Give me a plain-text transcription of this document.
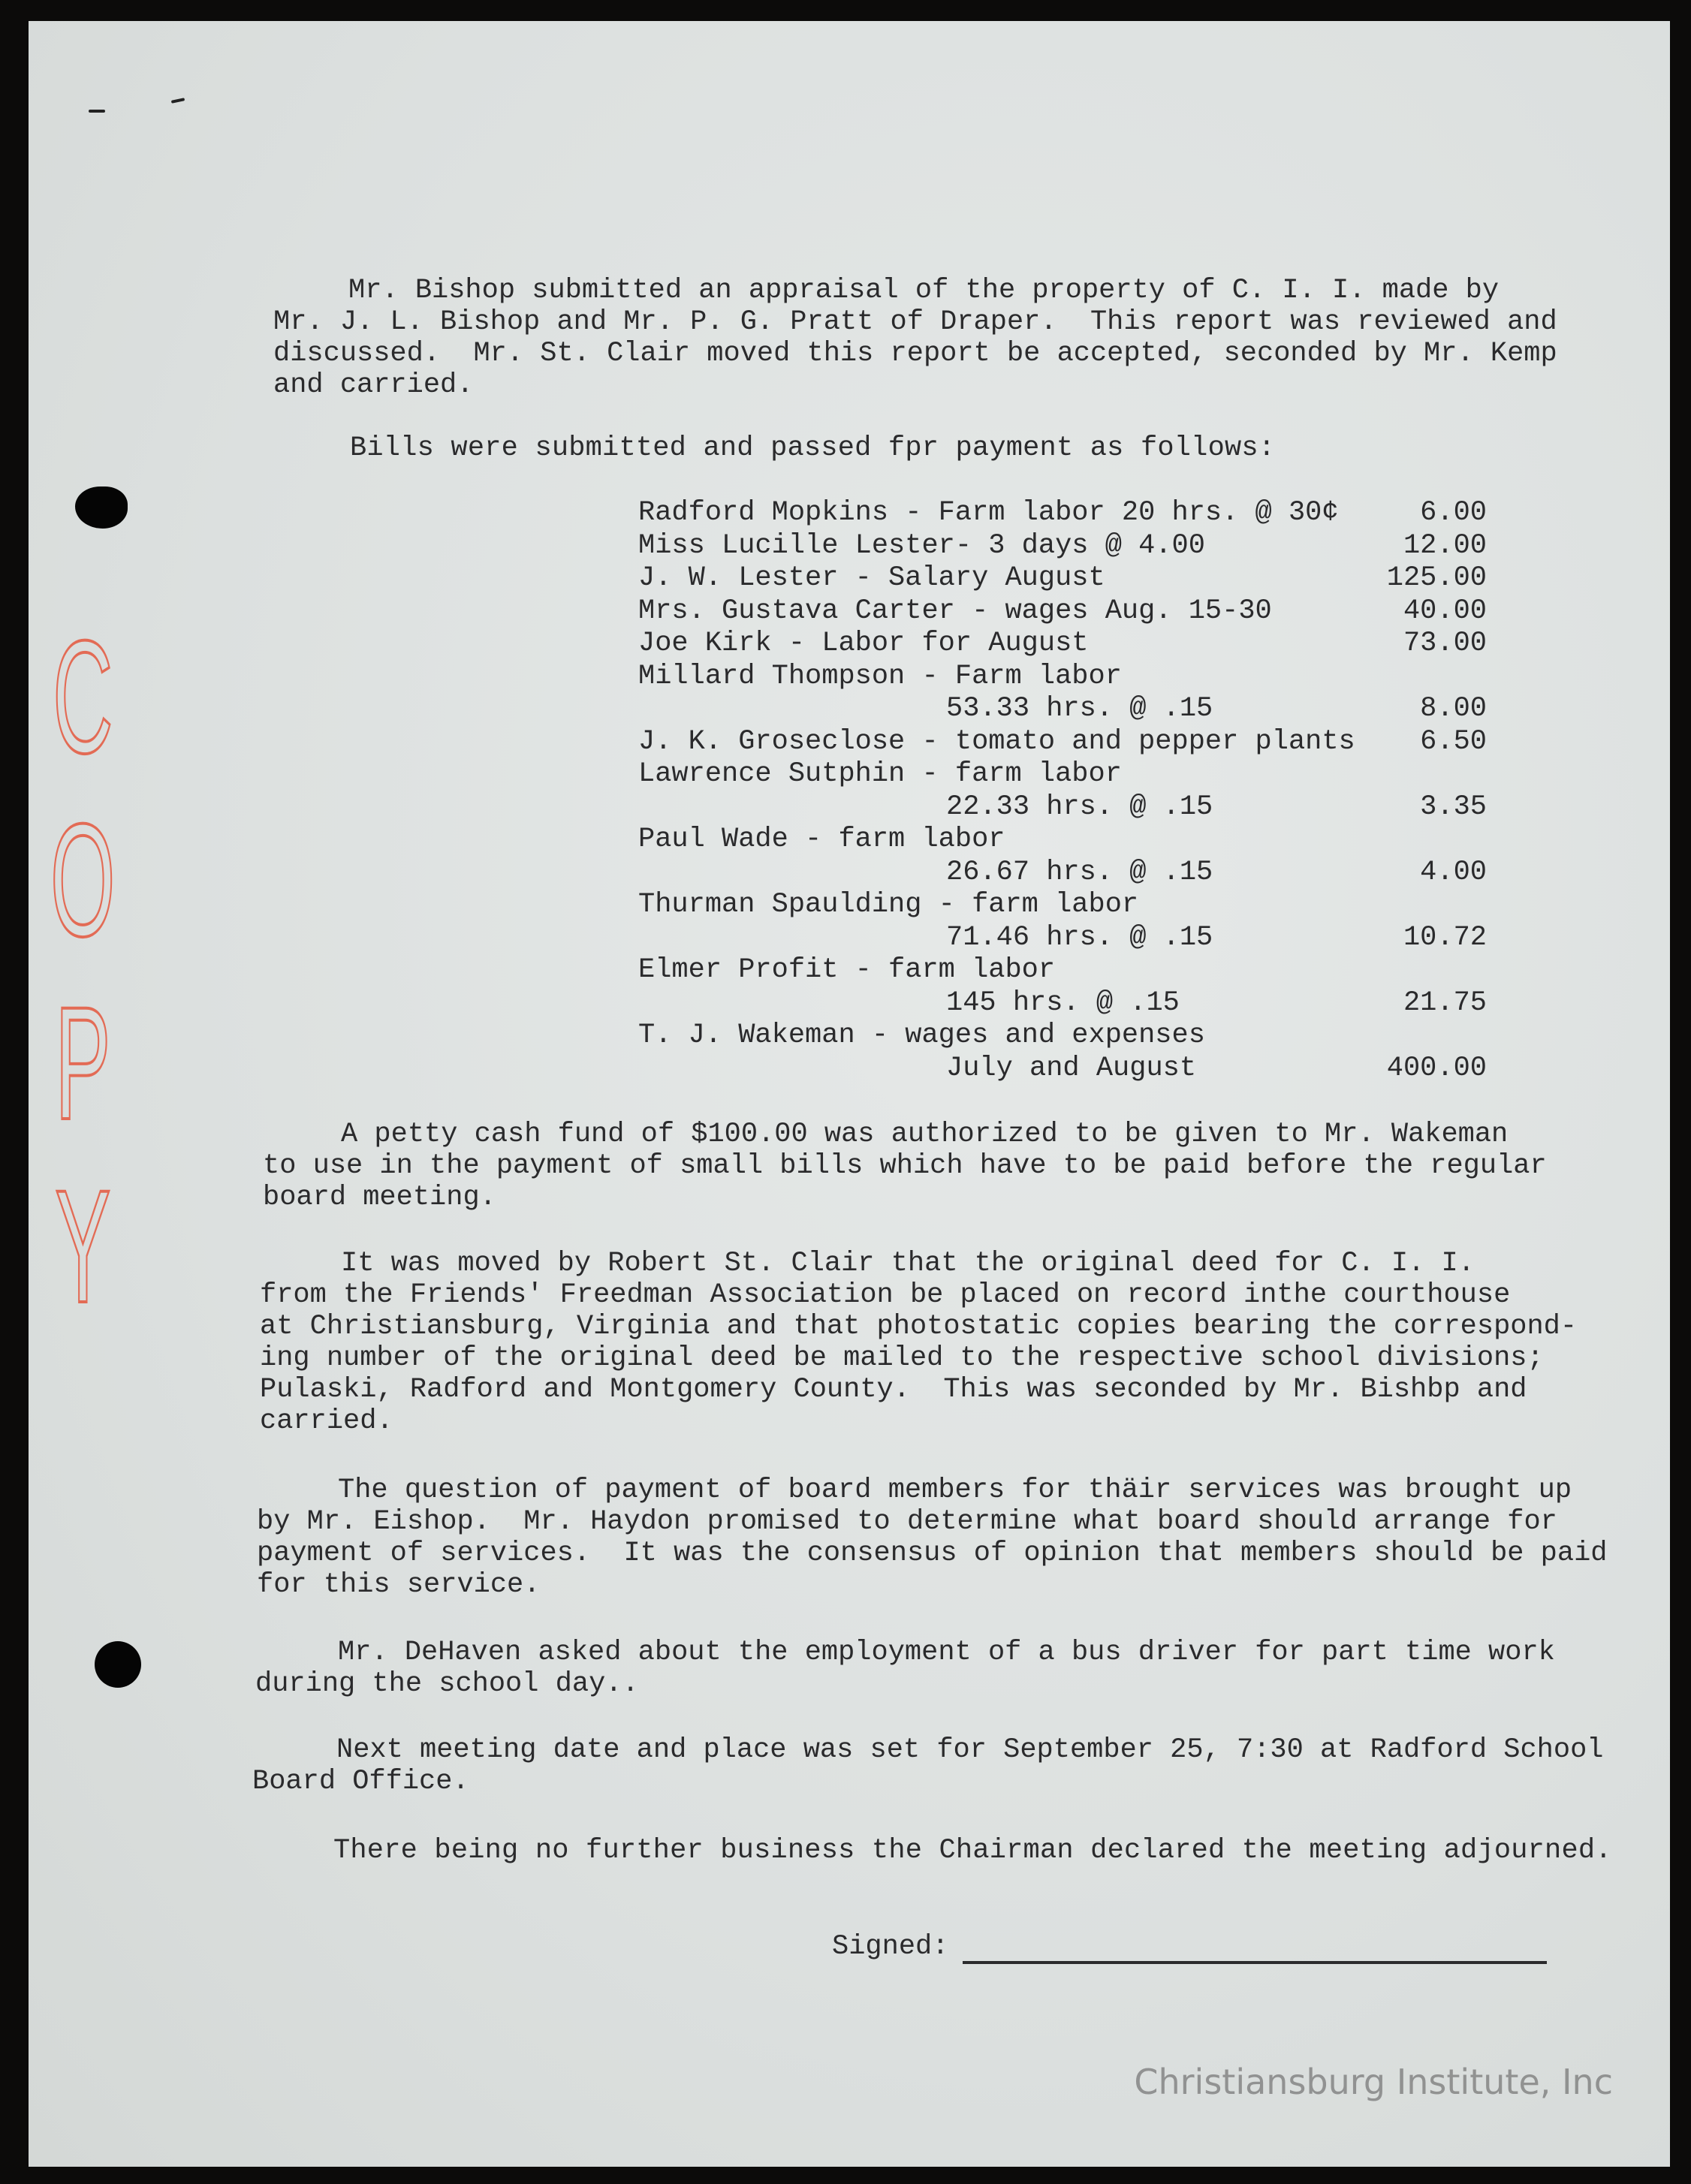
C
O
P
Y
Mr. Bishop submitted an appraisal of the property of C. I. I. made by
Mr. J. L. Bishop and Mr. P. G. Pratt of Draper.  This report was reviewed and
discussed.  Mr. St. Clair moved this report be accepted, seconded by Mr. Kemp
and carried.
Bills were submitted and passed fpr payment as follows:
Radford Mopkins - Farm labor 20 hrs. @ 30¢	6.00
Miss Lucille Lester- 3 days @ 4.00	12.00
J. W. Lester - Salary August	125.00
Mrs. Gustava Carter - wages Aug. 15-30	40.00
Joe Kirk - Labor for August	73.00
Millard Thompson - Farm labor
53.33 hrs. @ .15	8.00
J. K. Groseclose - tomato and pepper plants 6.50
Lawrence Sutphin - farm labor
22.33 hrs. @ .15	3.35
Paul Wade - farm labor
26.67 hrs. @ .15	4.00
Thurman Spaulding - farm labor
71.46 hrs. @ .15	10.72
Elmer Profit - farm labor
145 hrs. @ .15	21.75
T. J. Wakeman - wages and expenses
July and August	400.00
A petty cash fund of $100.00 was authorized to be given to Mr. Wakeman
to use in the payment of small bills which have to be paid before the regular
board meeting.
It was moved by Robert St. Clair that the original deed for C. I. I.
from the Friends' Freedman Association be placed on record inthe courthouse
at Christiansburg, Virginia and that photostatic copies bearing the correspond-
ing number of the original deed be mailed to the respective school divisions;
Pulaski, Radford and Montgomery County.  This was seconded by Mr. Bishbp and
carried.
The question of payment of board members for thäir services was brought up
by Mr. Eishop.  Mr. Haydon promised to determine what board should arrange for
payment of services.  It was the consensus of opinion that members should be paid
for this service.
Mr. DeHaven asked about the employment of a bus driver for part time work
during the school day..
Next meeting date and place was set for September 25, 7:30 at Radford School
Board Office.
There being no further business the Chairman declared the meeting adjourned.
Signed:
Christiansburg Institute, Inc
